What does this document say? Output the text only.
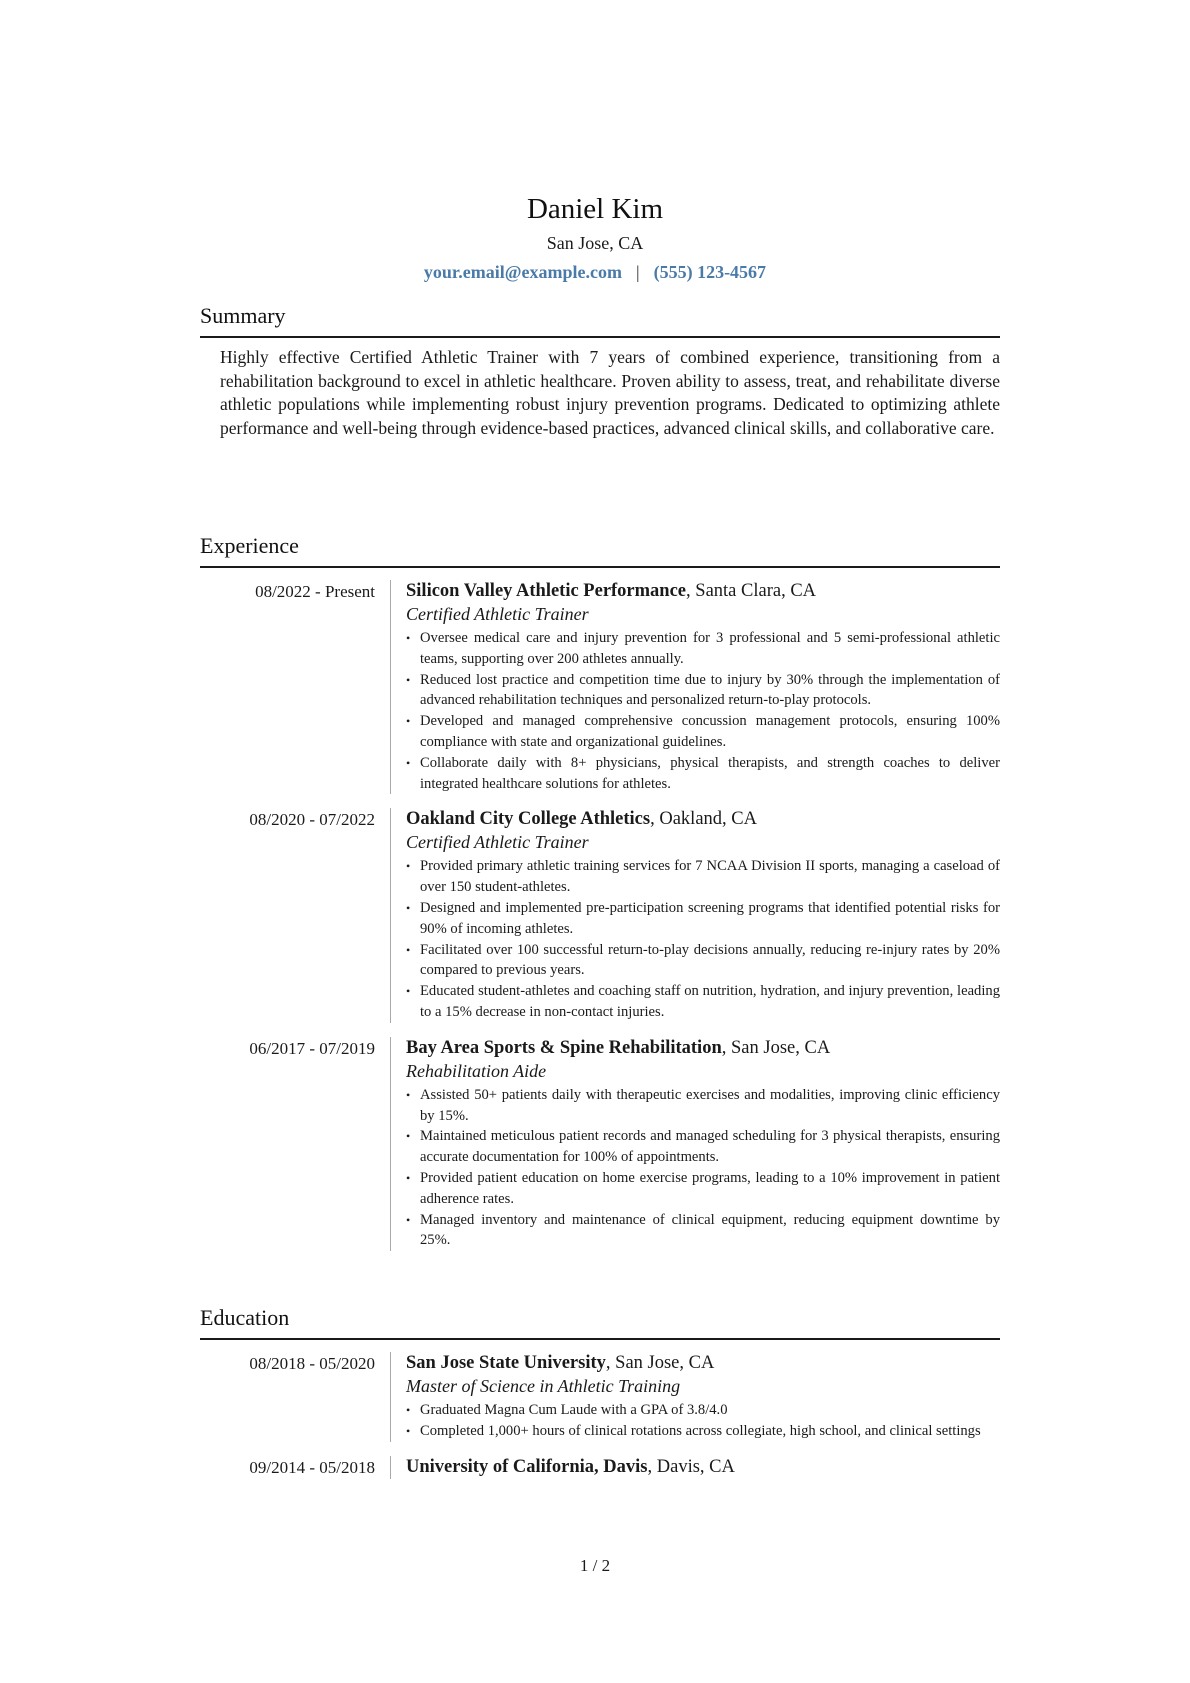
Daniel Kim
San Jose, CA
your.email@example.com | (555) 123-4567
Summary
Highly effective Certified Athletic Trainer with 7 years of combined experience, transitioning from a rehabilitation background to excel in athletic healthcare. Proven ability to assess, treat, and rehabilitate diverse athletic populations while implementing robust injury prevention programs. Dedicated to optimizing athlete performance and well-being through evidence-based practices, advanced clinical skills, and collaborative care.
Experience
08/2022 - Present	Silicon Valley Athletic Performance, Santa Clara, CA
Certified Athletic Trainer
• Oversee medical care and injury prevention for 3 professional and 5 semi-professional athletic teams, supporting over 200 athletes annually.
• Reduced lost practice and competition time due to injury by 30% through the implementation of advanced rehabilitation techniques and personalized return-to-play protocols.
• Developed and managed comprehensive concussion management protocols, ensuring 100% compliance with state and organizational guidelines.
• Collaborate daily with 8+ physicians, physical therapists, and strength coaches to deliver integrated healthcare solutions for athletes.
08/2020 - 07/2022	Oakland City College Athletics, Oakland, CA
Certified Athletic Trainer
• Provided primary athletic training services for 7 NCAA Division II sports, managing a caseload of over 150 student-athletes.
• Designed and implemented pre-participation screening programs that identified potential risks for 90% of incoming athletes.
• Facilitated over 100 successful return-to-play decisions annually, reducing re-injury rates by 20% compared to previous years.
• Educated student-athletes and coaching staff on nutrition, hydration, and injury prevention, leading to a 15% decrease in non-contact injuries.
06/2017 - 07/2019	Bay Area Sports & Spine Rehabilitation, San Jose, CA
Rehabilitation Aide
• Assisted 50+ patients daily with therapeutic exercises and modalities, improving clinic efficiency by 15%.
• Maintained meticulous patient records and managed scheduling for 3 physical therapists, ensuring accurate documentation for 100% of appointments.
• Provided patient education on home exercise programs, leading to a 10% improvement in patient adherence rates.
• Managed inventory and maintenance of clinical equipment, reducing equipment downtime by 25%.
Education
08/2018 - 05/2020	San Jose State University, San Jose, CA
Master of Science in Athletic Training
• Graduated Magna Cum Laude with a GPA of 3.8/4.0
• Completed 1,000+ hours of clinical rotations across collegiate, high school, and clinical settings
09/2014 - 05/2018	University of California, Davis, Davis, CA
1 / 2
